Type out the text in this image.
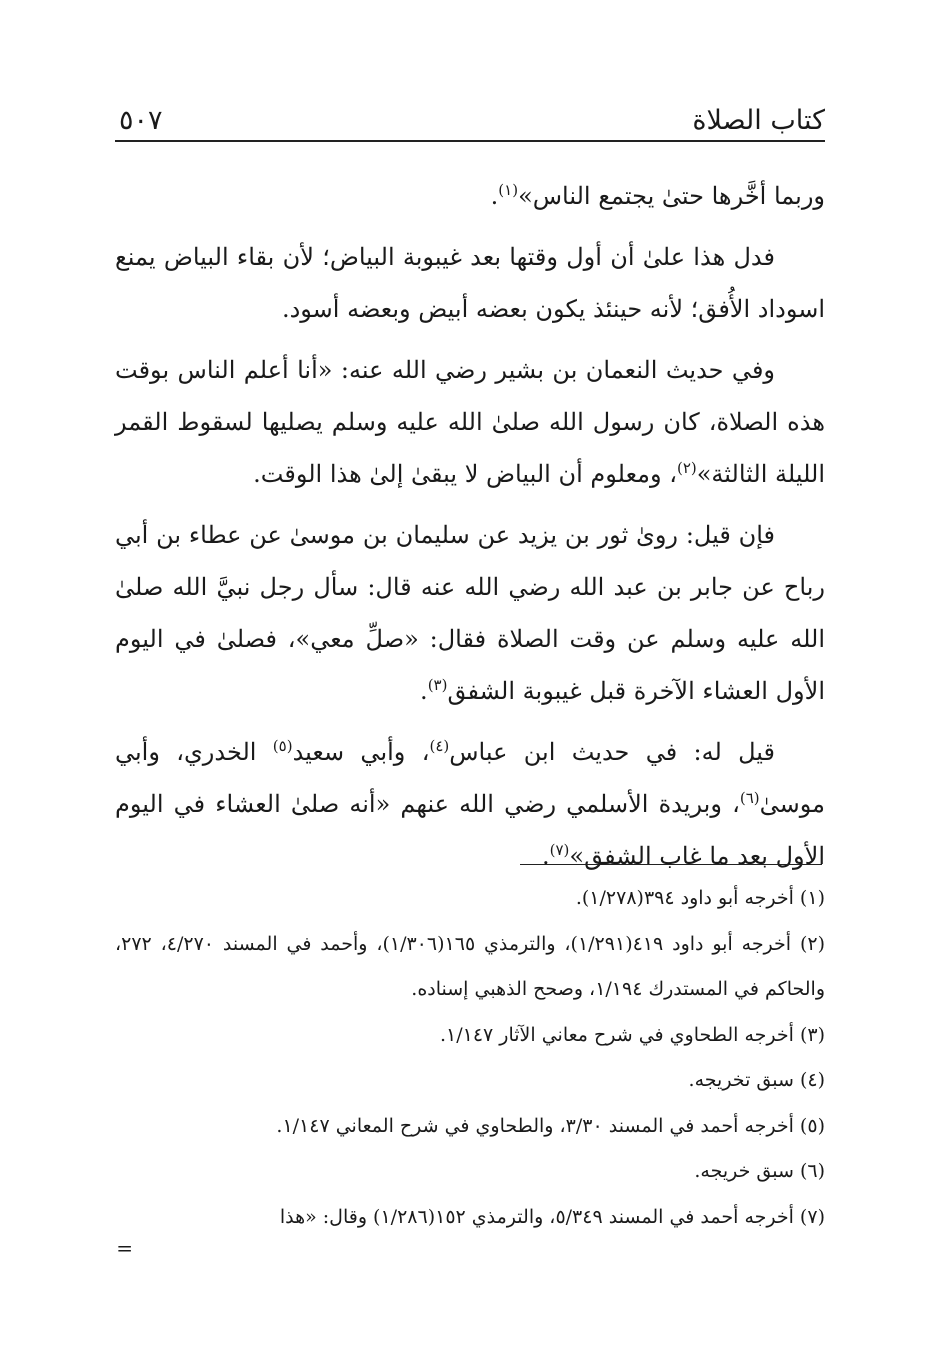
كتاب الصلاة
٥٠٧

وربما أخَّرها حتىٰ يجتمع الناس»$^{(١)}$.

فدل هذا علىٰ أن أول وقتها بعد غيبوبة البياض؛ لأن بقاء البياض يمنع اسوداد الأُفق؛ لأنه حينئذ يكون بعضه أبيض وبعضه أسود.

وفي حديث النعمان بن بشير رضي الله عنه: «أنا أعلم الناس بوقت هذه الصلاة، كان رسول الله صلىٰ الله عليه وسلم يصليها لسقوط القمر الليلة الثالثة»$^{(٢)}$، ومعلوم أن البياض لا يبقىٰ إلىٰ هذا الوقت.

فإن قيل: روىٰ ثور بن يزيد عن سليمان بن موسىٰ عن عطاء بن أبي رباح عن جابر بن عبد الله رضي الله عنه قال: سأل رجل نبيَّ الله صلىٰ الله عليه وسلم عن وقت الصلاة فقال: «صلِّ معي»، فصلىٰ في اليوم الأول العشاء الآخرة قبل غيبوبة الشفق$^{(٣)}$.

قيل له: في حديث ابن عباس$^{(٤)}$، وأبي سعيد$^{(٥)}$ الخدري، وأبي موسىٰ$^{(٦)}$، وبريدة الأسلمي رضي الله عنهم «أنه صلىٰ العشاء في اليوم الأول بعد ما غاب الشفق»$^{(٧)}$.

(١) أخرجه أبو داود ٣٩٤(١/٢٧٨).

(٢) أخرجه أبو داود ٤١٩(١/٢٩١)، والترمذي ١٦٥(١/٣٠٦)، وأحمد في المسند ٤/٢٧٠، ٢٧٢، والحاكم في المستدرك ١/١٩٤، وصحح الذهبي إسناده.

(٣) أخرجه الطحاوي في شرح معاني الآثار ١/١٤٧.

(٤) سبق تخريجه.

(٥) أخرجه أحمد في المسند ٣/٣٠، والطحاوي في شرح المعاني ١/١٤٧.

(٦) سبق خريجه.

(٧) أخرجه أحمد في المسند ٥/٣٤٩، والترمذي ١٥٢(١/٢٨٦) وقال: «هذا

=
